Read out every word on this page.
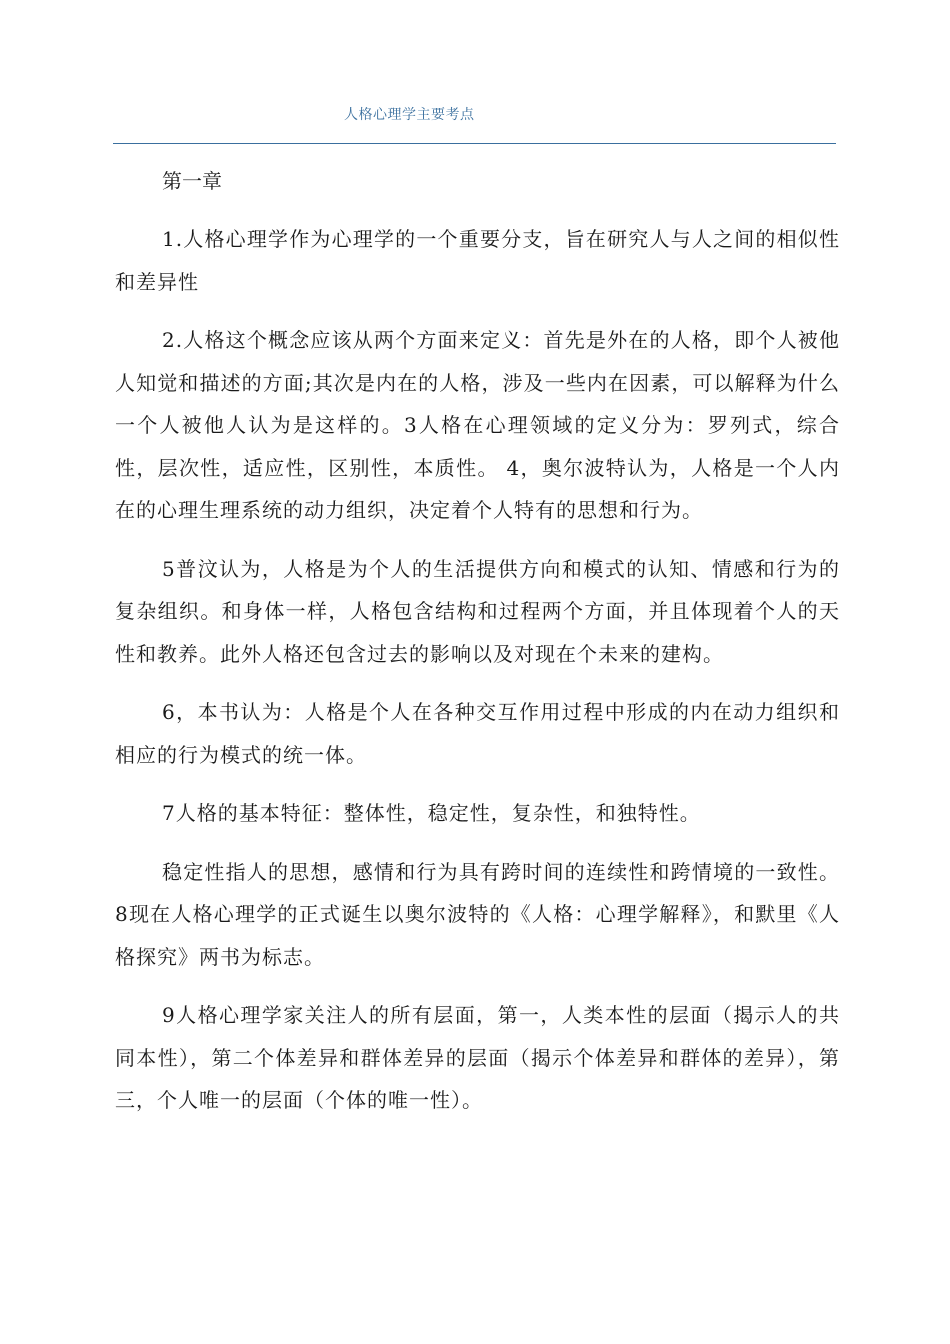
人格心理学主要考点
第一章

1.人格心理学作为心理学的一个重要分支，旨在研究人与人之间的相似性和差异性

2.人格这个概念应该从两个方面来定义：首先是外在的人格，即个人被他人知觉和描述的方面;其次是内在的人格，涉及一些内在因素，可以解释为什么一个人被他人认为是这样的。3人格在心理领域的定义分为：罗列式，综合性，层次性，适应性，区别性，本质性。 4，奥尔波特认为，人格是一个人内在的心理生理系统的动力组织，决定着个人特有的思想和行为。

5普汶认为，人格是为个人的生活提供方向和模式的认知、情感和行为的复杂组织。和身体一样，人格包含结构和过程两个方面，并且体现着个人的天性和教养。此外人格还包含过去的影响以及对现在个未来的建构。

6，本书认为：人格是个人在各种交互作用过程中形成的内在动力组织和相应的行为模式的统一体。

7人格的基本特征：整体性，稳定性，复杂性，和独特性。

稳定性指人的思想，感情和行为具有跨时间的连续性和跨情境的一致性。8现在人格心理学的正式诞生以奥尔波特的《人格：心理学解释》，和默里《人格探究》两书为标志。

9人格心理学家关注人的所有层面，第一，人类本性的层面（揭示人的共同本性），第二个体差异和群体差异的层面（揭示个体差异和群体的差异），第三，个人唯一的层面（个体的唯一性）。
